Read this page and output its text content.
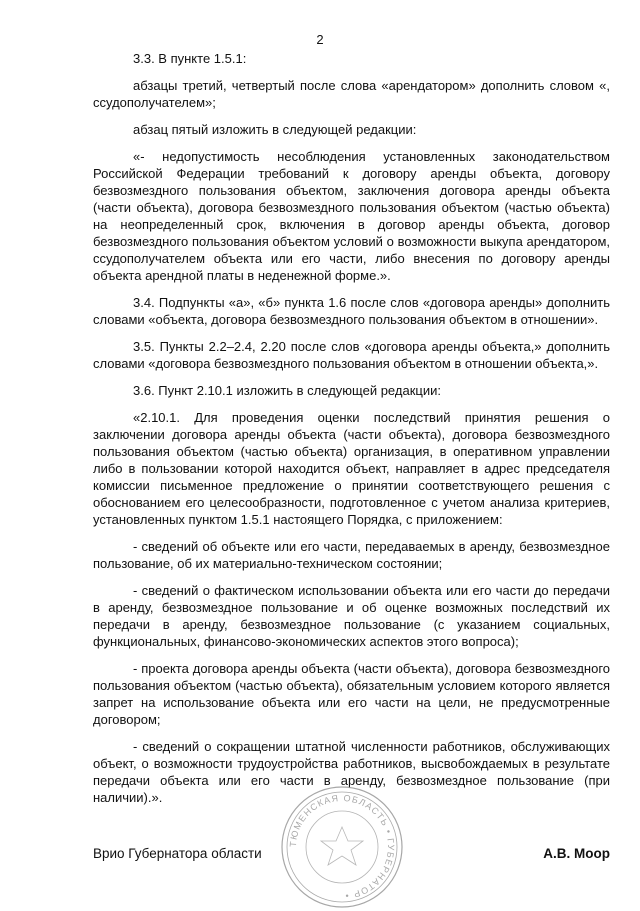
2

3.3. В пункте 1.5.1:

абзацы третий, четвертый после слова «арендатором» дополнить словом «, ссудополучателем»;

абзац пятый изложить в следующей редакции:

«- недопустимость несоблюдения установленных законодательством Российской Федерации требований к договору аренды объекта, договору безвозмездного пользования объектом, заключения договора аренды объекта (части объекта), договора безвозмездного пользования объектом (частью объекта) на неопределенный срок, включения в договор аренды объекта, договор безвозмездного пользования объектом условий о возможности выкупа арендатором, ссудополучателем объекта или его части, либо внесения по договору аренды объекта арендной платы в неденежной форме.».

3.4. Подпункты «а», «б» пункта 1.6 после слов «договора аренды» дополнить словами «объекта, договора безвозмездного пользования объектом в отношении».

3.5. Пункты 2.2–2.4, 2.20 после слов «договора аренды объекта,» дополнить словами «договора безвозмездного пользования объектом в отношении объекта,».

3.6. Пункт 2.10.1 изложить в следующей редакции:

«2.10.1. Для проведения оценки последствий принятия решения о заключении договора аренды объекта (части объекта), договора безвозмездного пользования объектом (частью объекта) организация, в оперативном управлении либо в пользовании которой находится объект, направляет в адрес председателя комиссии письменное предложение о принятии соответствующего решения с обоснованием его целесообразности, подготовленное с учетом анализа критериев, установленных пунктом 1.5.1 настоящего Порядка, с приложением:

- сведений об объекте или его части, передаваемых в аренду, безвозмездное пользование, об их материально-техническом состоянии;

- сведений о фактическом использовании объекта или его части до передачи в аренду, безвозмездное пользование и об оценке возможных последствий их передачи в аренду, безвозмездное пользование (с указанием социальных, функциональных, финансово-экономических аспектов этого вопроса);

- проекта договора аренды объекта (части объекта), договора безвозмездного пользования объектом (частью объекта), обязательным условием которого является запрет на использование объекта или его части на цели, не предусмотренные договором;

- сведений о сокращении штатной численности работников, обслуживающих объект, о возможности трудоустройства работников, высвобождаемых в результате передачи объекта или его части в аренду, безвозмездное пользование (при наличии).».

ТЮМЕНСКАЯ ОБЛАСТЬ • ГУБЕРНАТОР •
Врио Губернатора области	А.В. Моор
